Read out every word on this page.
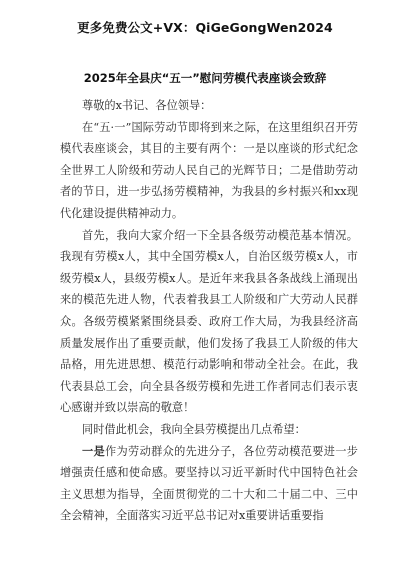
更多免费公文+VX：QiGeGongWen2024
2025年全县庆“五一”慰问劳模代表座谈会致辞

尊敬的x书记、各位领导：

在“五·一”国际劳动节即将到来之际，在这里组织召开劳模代表座谈会，其目的主要有两个：一是以座谈的形式纪念全世界工人阶级和劳动人民自己的光辉节日；二是借助劳动者的节日，进一步弘扬劳模精神，为我县的乡村振兴和xx现代化建设提供精神动力。

首先，我向大家介绍一下全县各级劳动模范基本情况。我现有劳模x人，其中全国劳模x人，自治区级劳模x人，市级劳模x人，县级劳模x人。是近年来我县各条战线上涌现出来的模范先进人物，代表着我县工人阶级和广大劳动人民群众。各级劳模紧紧围绕县委、政府工作大局，为我县经济高质量发展作出了重要贡献，他们发扬了我县工人阶级的伟大品格，用先进思想、模范行动影响和带动全社会。在此，我代表县总工会，向全县各级劳模和先进工作者同志们表示衷心感谢并致以崇高的敬意！

同时借此机会，我向全县劳模提出几点希望：

一是作为劳动群众的先进分子，各位劳动模范要进一步增强责任感和使命感。要坚持以习近平新时代中国特色社会主义思想为指导，全面贯彻党的二十大和二十届二中、三中全会精神，全面落实习近平总书记对x重要讲话重要指
